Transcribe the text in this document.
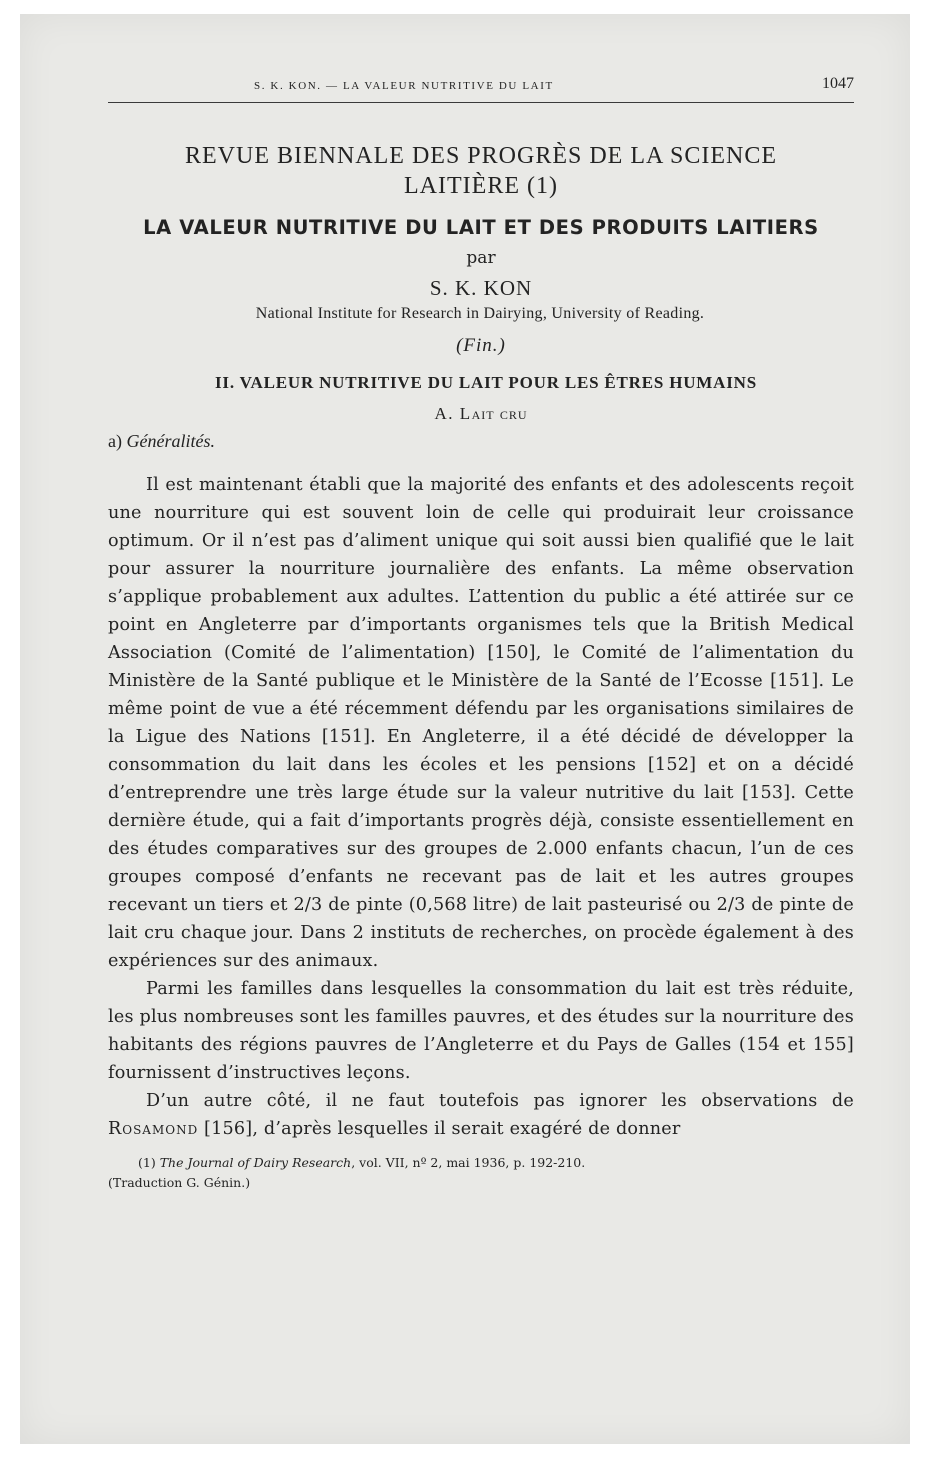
S. K. KON. — LA VALEUR NUTRITIVE DU LAIT	1047
REVUE BIENNALE DES PROGRÈS DE LA SCIENCE LAITIÈRE (1)
LA VALEUR NUTRITIVE DU LAIT ET DES PRODUITS LAITIERS
par
S. K. KON
National Institute for Research in Dairying, University of Reading.
(Fin.)
II. VALEUR NUTRITIVE DU LAIT POUR LES ÊTRES HUMAINS
A. Lait cru
a) Généralités.

Il est maintenant établi que la majorité des enfants et des adolescents reçoit une nourriture qui est souvent loin de celle qui produirait leur croissance optimum. Or il n’est pas d’aliment unique qui soit aussi bien qualifié que le lait pour assurer la nourriture journalière des enfants. La même observation s’applique probablement aux adultes. L’attention du public a été attirée sur ce point en Angleterre par d’importants organismes tels que la British Medical Association (Comité de l’alimentation) [150], le Comité de l’alimentation du Ministère de la Santé publique et le Ministère de la Santé de l’Ecosse [151]. Le même point de vue a été récemment défendu par les organisations similaires de la Ligue des Nations [151]. En Angleterre, il a été décidé de développer la consommation du lait dans les écoles et les pensions [152] et on a décidé d’entreprendre une très large étude sur la valeur nutritive du lait [153]. Cette dernière étude, qui a fait d’importants progrès déjà, consiste essentiellement en des études comparatives sur des groupes de 2.000 enfants chacun, l’un de ces groupes composé d’enfants ne recevant pas de lait et les autres groupes recevant un tiers et 2/3 de pinte (0,568 litre) de lait pasteurisé ou 2/3 de pinte de lait cru chaque jour. Dans 2 instituts de recherches, on procède également à des expériences sur des animaux.

Parmi les familles dans lesquelles la consommation du lait est très réduite, les plus nombreuses sont les familles pauvres, et des études sur la nourriture des habitants des régions pauvres de l’Angleterre et du Pays de Galles (154 et 155] fournissent d’instructives leçons.

D’un autre côté, il ne faut toutefois pas ignorer les observations de Rosamond [156], d’après lesquelles il serait exagéré de donner

(1) The Journal of Dairy Research, vol. VII, nº 2, mai 1936, p. 192-210.
(Traduction G. Génin.)
